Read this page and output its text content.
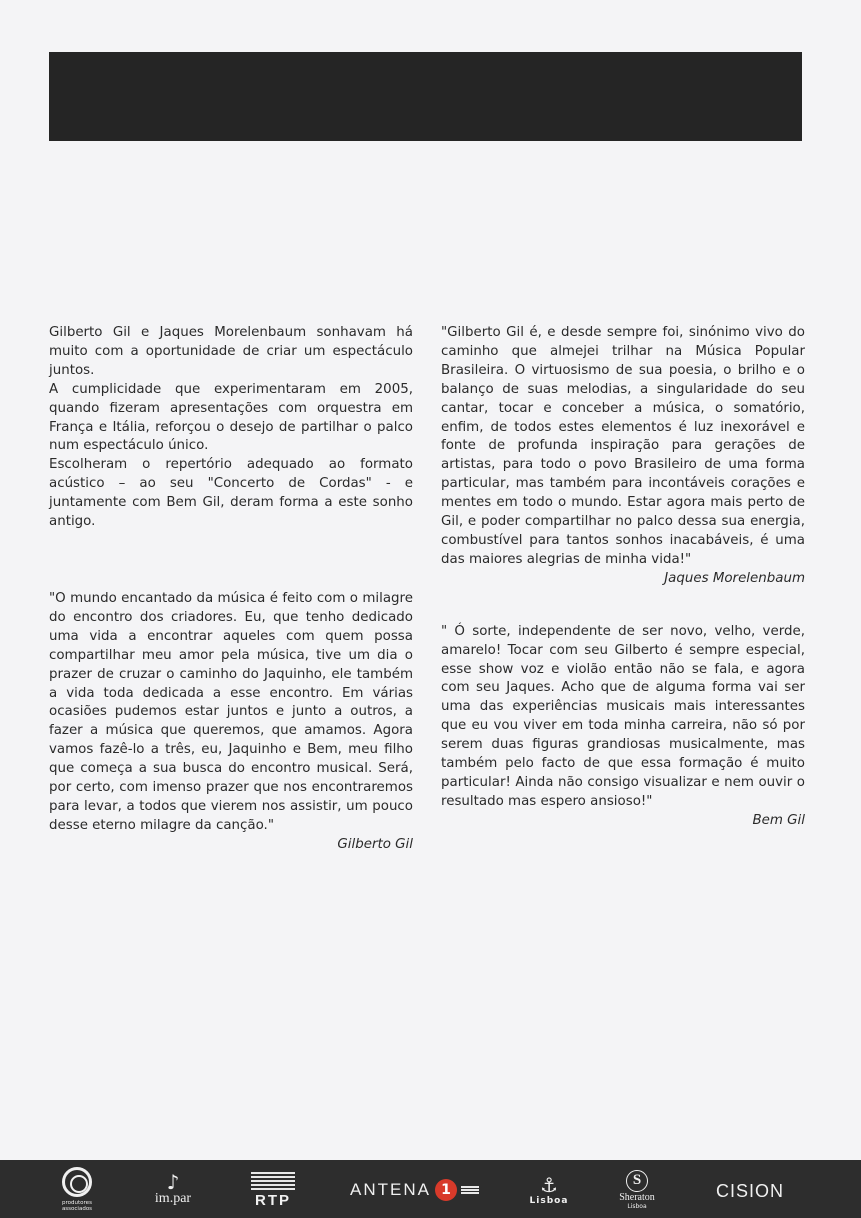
Gilberto Gil e Jaques Morelenbaum sonhavam há muito com a oportunidade de criar um espectáculo juntos.

A cumplicidade que experimentaram em 2005, quando fizeram apresentações com orquestra em França e Itália, reforçou o desejo de partilhar o palco num espectáculo único.

Escolheram o repertório adequado ao formato acústico – ao seu "Concerto de Cordas" - e juntamente com Bem Gil, deram forma a este sonho antigo.

"O mundo encantado da música é feito com o milagre do encontro dos criadores. Eu, que tenho dedicado uma vida a encontrar aqueles com quem possa compartilhar meu amor pela música, tive um dia o prazer de cruzar o caminho do Jaquinho, ele também a vida toda dedicada a esse encontro. Em várias ocasiões pudemos estar juntos e junto a outros, a fazer a música que queremos, que amamos. Agora vamos fazê-lo a três, eu, Jaquinho e Bem, meu filho que começa a sua busca do encontro musical. Será, por certo, com imenso prazer que nos encontraremos para levar, a todos que vierem nos assistir, um pouco desse eterno milagre da canção."

Gilberto Gil

"Gilberto Gil é, e desde sempre foi, sinónimo vivo do caminho que almejei trilhar na Música Popular Brasileira. O virtuosismo de sua poesia, o brilho e o balanço de suas melodias, a singularidade do seu cantar, tocar e conceber a música, o somatório, enfim, de todos estes elementos é luz inexorável e fonte de profunda inspiração para gerações de artistas, para todo o povo Brasileiro de uma forma particular, mas também para incontáveis corações e mentes em todo o mundo. Estar agora mais perto de Gil, e poder compartilhar no palco dessa sua energia, combustível para tantos sonhos inacabáveis, é uma das maiores alegrias de minha vida!"

Jaques Morelenbaum

" Ó sorte, independente de ser novo, velho, verde, amarelo! Tocar com seu Gilberto é sempre especial, esse show voz e violão então não se fala, e agora com seu Jaques. Acho que de alguma forma vai ser uma das experiências musicais mais interessantes que eu vou viver em toda minha carreira, não só por serem duas figuras grandiosas musicalmente, mas também pelo facto de que essa formação é muito particular! Ainda não consigo visualizar e nem ouvir o resultado mas espero ansioso!"

Bem Gil

produtores associados
♪
im.par	RTP
ANTENA 1	⚓
Lisboa
S
Sheraton
Lisboa
CISION
